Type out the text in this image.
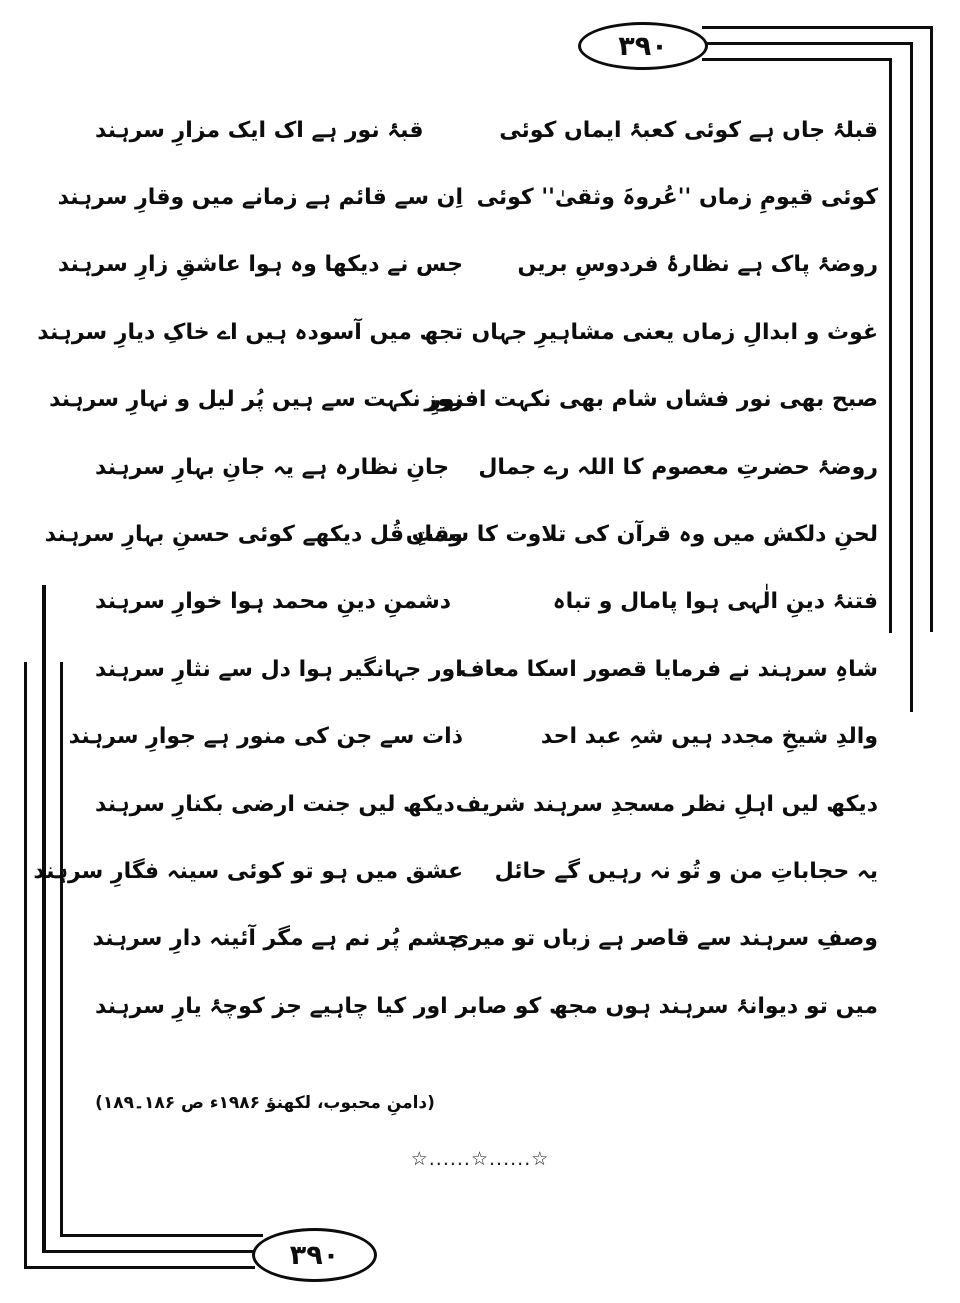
۳۹۰
۳۹۰
قبلۂ جاں ہے کوئی کعبۂ ایماں کوئی
قبۂ نور ہے اک ایک مزارِ سرہند
کوئی قیومِ زماں ''عُروہَ وثقیٰ'' کوئی
اِن سے قائم ہے زمانے میں وقارِ سرہند
روضۂ پاک ہے نظارۂ فردوسِ بریں
جس نے دیکھا وہ ہوا عاشقِ زارِ سرہند
غوث و ابدالِ زماں یعنی مشاہیرِ جہاں
تجھ میں آسودہ ہیں اے خاکِ دیارِ سرہند
صبح بھی نور فشاں شام بھی نکہت افروز
نورِ نکہت سے ہیں پُر لیل و نہارِ سرہند
روضۂ حضرتِ معصوم کا اللہ رے جمال
جانِ نظارہ ہے یہ جانِ بہارِ سرہند
لحنِ دلکش میں وہ قرآن کی تلاوت کا سماں
وقتِ قُل دیکھے کوئی حسنِ بہارِ سرہند
فتنۂ دینِ الٰہی ہوا پامال و تباہ
دشمنِ دینِ محمد ہوا خوارِ سرہند
شاہِ سرہند نے فرمایا قصور اسکا معاف
اور جہانگیر ہوا دل سے نثارِ سرہند
والدِ شیخِ مجدد ہیں شہِ عبد احد
ذات سے جن کی منور ہے جوارِ سرہند
دیکھ لیں اہلِ نظر مسجدِ سرہند شریف
دیکھ لیں جنت ارضی بکنارِ سرہند
یہ حجاباتِ من و تُو نہ رہیں گے حائل
عشق میں ہو تو کوئی سینہ فگارِ سرہند
وصفِ سرہند سے قاصر ہے زباں تو میری
چشم پُر نم ہے مگر آئینہ دارِ سرہند
میں تو دیوانۂ سرہند ہوں مجھ کو صابر
اور کیا چاہیے جز کوچۂ یارِ سرہند
(دامنِ محبوب، لکھنؤ ۱۹۸۶ء ص ۱۸۶۔۱۸۹)
☆......☆......☆
